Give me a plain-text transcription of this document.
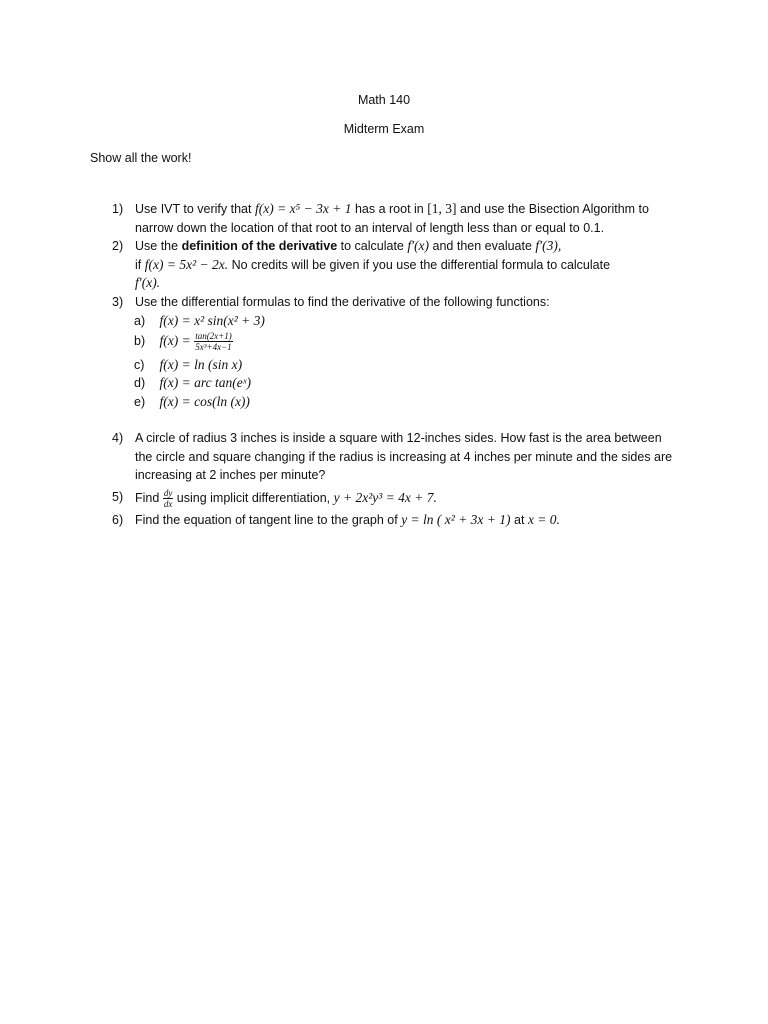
Math 140
Midterm Exam
Show all the work!
1) Use IVT to verify that f(x) = x⁵ − 3x + 1 has a root in [1, 3] and use the Bisection Algorithm to
narrow down the location of that root to an interval of length less than or equal to 0.1.
2) Use the definition of the derivative to calculate f′(x) and then evaluate f′(3),
if f(x) = 5x² − 2x. No credits will be given if you use the differential formula to calculate
f′(x).
3) Use the differential formulas to find the derivative of the following functions:
a) f(x) = x² sin(x² + 3)
b) $f(x) = \frac{\tan(2x+1)}{\text{5x³+4x−1}}$
c) f(x) = ln (sin x)
d) f(x) = arc tan(eˣ)
e) f(x) = cos(ln (x))
4) A circle of radius 3 inches is inside a square with 12-inches sides. How fast is the area between
the circle and square changing if the radius is increasing at 4 inches per minute and the sides are
increasing at 2 inches per minute?
5) Find $\frac{dy}{dx}$ using implicit differentiation, y + 2x²y³ = 4x + 7.
6) Find the equation of tangent line to the graph of y = ln ( x² + 3x + 1) at x = 0.
